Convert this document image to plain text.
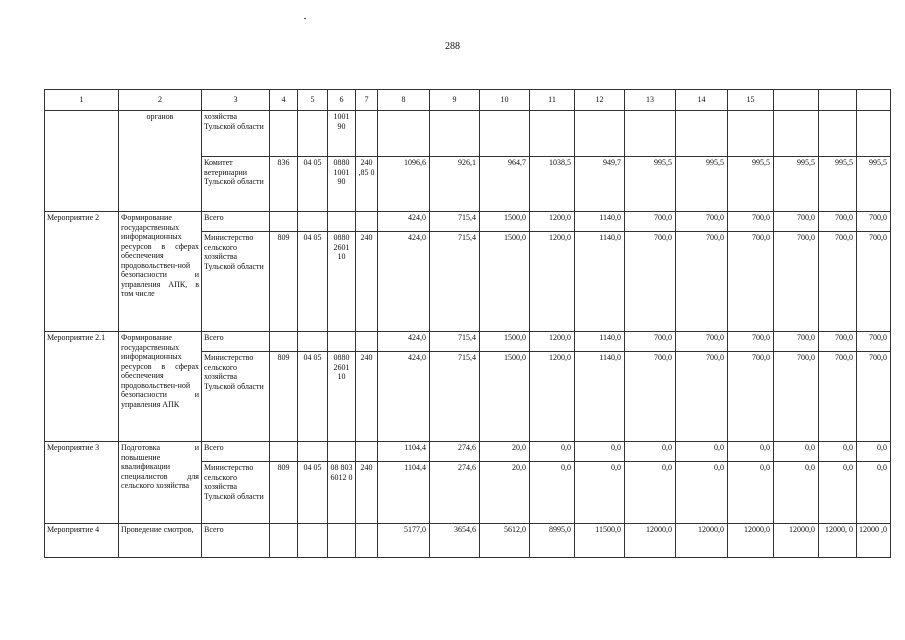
288
1	2	3	4	5	6	7	8	9	10	11	12	13	14	15			
	органов	хозяйства Тульской области			1001 90												
		Комитет ветеринарии Тульской области	836	04 05	0880 1001 90	240 ,85 0	1096,6	926,1	964,7	1038,5	949,7	995,5	995,5	995,5	995,5	995,5	995,5
Мероприятие 2	Формирование государственных информационных ресурсов в сферах обеспечения продовольствен-ной безопасности и управления АПК, в том числе	Всего					424,0	715,4	1500,0	1200,0	1140,0	700,0	700,0	700,0	700,0	700,0	700,0
		Министерство сельского хозяйства Тульской области	809	04 05	0880 2601 10	240	424,0	715,4	1500,0	1200,0	1140,0	700,0	700,0	700,0	700,0	700,0	700,0
Мероприятие 2.1	Формирование государственных информационных ресурсов в сферах обеспечения продовольствен-ной безопасности и управления АПК	Всего					424,0	715,4	1500,0	1200,0	1140,0	700,0	700,0	700,0	700,0	700,0	700,0
		Министерство сельского хозяйства Тульской области	809	04 05	0880 2601 10	240	424,0	715,4	1500,0	1200,0	1140,0	700,0	700,0	700,0	700,0	700,0	700,0
Мероприятие 3	Подготовка и повышение квалификации специалистов для сельского хозяйства	Всего					1104,4	274,6	20,0	0,0	0,0	0,0	0,0	0,0	0,0	0,0	0,0
		Министерство сельского хозяйства Тульской области	809	04 05	08 803 6012 0	240	1104,4	274,6	20,0	0,0	0,0	0,0	0,0	0,0	0,0	0,0	0,0
Мероприятие 4	Проведение смотров,	Всего					5177,0	3654,6	5612,0	8995,0	11500,0	12000,0	12000,0	12000,0	12000,0	12000, 0	12000 ,0
